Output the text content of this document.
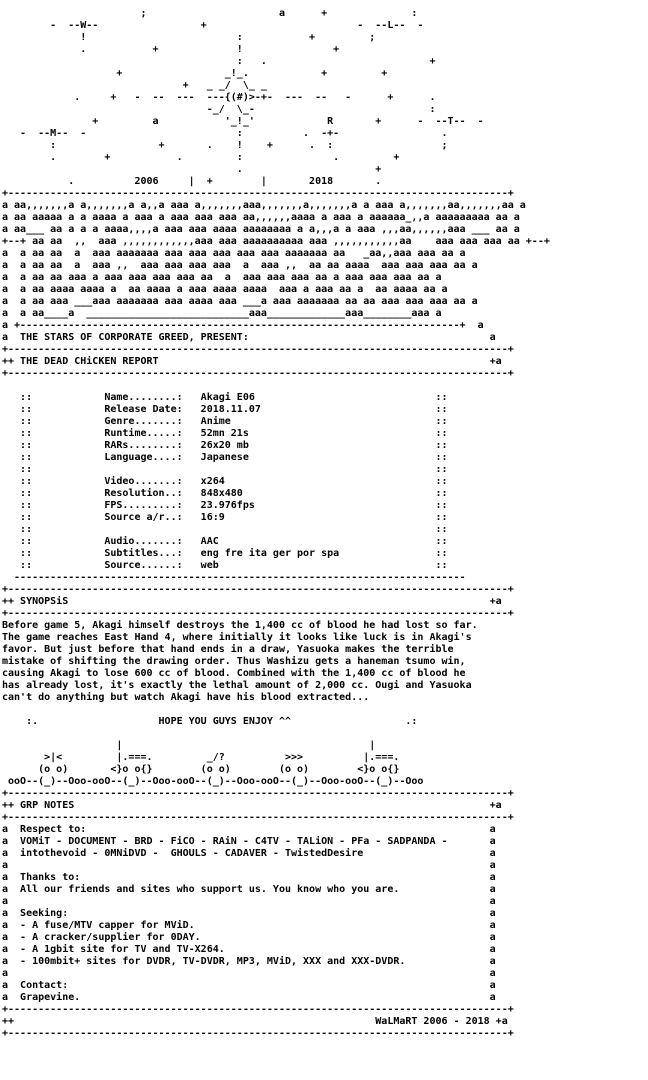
;                      a      +              :
-  --W--                 +                         -  --L--  -
!                         :           +         ;
.           +             !               +
:   .                           +
+                 _!_.            +         +
+   _ _/  \_ _
.     +   -  --  ---  ---{(#)>-+-  ---  --   -      +      .
-_/  \_-                             :
+         a           '_!_'            R       +      -  --T--  -
-  --M--  -                         :          .  -+-                 .
:                 +       .    !    +      .  :                  ;
.        +           .         :               .         +
.                      +
.          2006     |  +        |       2018       .
+-----------------------------------------------------------------------------------+
a aa,,,,,,,a a,,,,,,,a a,,a aaa a,,,,,,,aaa,,,,,,,a,,,,,,,a a aaa a,,,,,,,aa,,,,,,,aa a
a aa aaaaa a a aaaa a aaa a aaa aaa aaa aa,,,,,,aaaa a aaa a aaaaaa_,,a aaaaaaaaa aa a
a aa___ aa a a a aaaa,,,,a aaa aaa aaaa aaaaaaaa a a,,,a a aaa ,,,aa,,,,,,aaa ___ aa a
+--+ aa aa  ,,  aaa ,,,,,,,,,,,,aaa aaa aaaaaaaaaa aaa ,,,,,,,,,,,aa    aaa aaa aaa aa +--+
a  a aa aa  a  aaa aaaaaaa aaa aaa aaa aaa aaa aaaaaaa aa   _aa,,aaa aaa aa a
a  a aa aa  a  aaa ,,  aaa aaa aaa aaa  a  aaa ,,  aa aa aaaa  aaa aaa aaa aa a
a  a aa aa aaa a aaa aaa aaa aaa aa  a  aaa aaa aaa aa a aaa aaa aaa aa a
a  a aa aaaa aaaa a  aa aaaa a aaa aaaa aaaa  aaa a aaa aa a  aa aaaa aa a
a  a aa aaa ___aaa aaaaaaa aaa aaaa aaa ___a aaa aaaaaaa aa aa aaa aaa aaa aa a
a  a aa____a  ___________________________aaa_____________aaa________aaa a
a +-------------------------------------------------------------------------+  a
a  THE STARS OF CORPORATE GREED, PRESENT:                                        a
+-----------------------------------------------------------------------------------+
++ THE DEAD CHiCKEN REPORT                                                       +a
+-----------------------------------------------------------------------------------+

::            Name........:   Akagi E06                              ::
::            Release Date:   2018.11.07                             ::
::            Genre.......:   Anime                                  ::
::            Runtime.....:   52mn 21s                               ::
::            RARs........:   26x20 mb                               ::
::            Language....:   Japanese                               ::
::                                                                   ::
::            Video.......:   x264                                   ::
::            Resolution..:   848x480                                ::
::            FPS.........:   23.976fps                              ::
::            Source a/r..:   16:9                                   ::
::                                                                   ::
::            Audio.......:   AAC                                    ::
::            Subtitles...:   eng fre ita ger por spa                ::
::            Source......:   web                                    ::
---------------------------------------------------------------------------
+-----------------------------------------------------------------------------------+
++ SYNOPSiS                                                                      +a
+-----------------------------------------------------------------------------------+
Before game 5, Akagi himself destroys the 1,400 cc of blood he had lost so far.
The game reaches East Hand 4, where initially it looks like luck is in Akagi's
favor. But just before that hand ends in a draw, Yasuoka makes the terrible
mistake of shifting the drawing order. Thus Washizu gets a haneman tsumo win,
causing Akagi to lose 600 cc of blood. Combined with the 1,400 cc of blood he
has already lost, it's exactly the lethal amount of 2,000 cc. Ougi and Yasuoka
can't do anything but watch Akagi have his blood extracted...

:.                    HOPE YOU GUYS ENJOY ^^                   .:

|                                         |
>|<         |.===.         _/?          >>>          |.===.
(o o)       <}o o{}        (o o)        (o o)        <}o o{}
ooO--(_)--Ooo-ooO--(_)--Ooo-ooO--(_)--Ooo-ooO--(_)--Ooo-ooO--(_)--Ooo
+-----------------------------------------------------------------------------------+
++ GRP NOTES                                                                     +a
+-----------------------------------------------------------------------------------+
a  Respect to:                                                                   a
a  VOMiT - DOCUMENT - BRD - FiCO - RAiN - C4TV - TALiON - PFa - SADPANDA -       a
a  intothevoid - 0MNiDVD -  GHOULS - CADAVER - TwistedDesire                     a
a                                                                                a
a  Thanks to:                                                                    a
a  All our friends and sites who support us. You know who you are.               a
a                                                                                a
a  Seeking:                                                                      a
a  - A fuse/MTV capper for MViD.                                                 a
a  - A cracker/supplier for 0DAY.                                                a
a  - A 1gbit site for TV and TV-X264.                                            a
a  - 100mbit+ sites for DVDR, TV-DVDR, MP3, MViD, XXX and XXX-DVDR.              a
a                                                                                a
a  Contact:                                                                      a
a  Grapevine.                                                                    a
+-----------------------------------------------------------------------------------+
++                                                            WaLMaRT 2006 - 2018 +a
+-----------------------------------------------------------------------------------+
